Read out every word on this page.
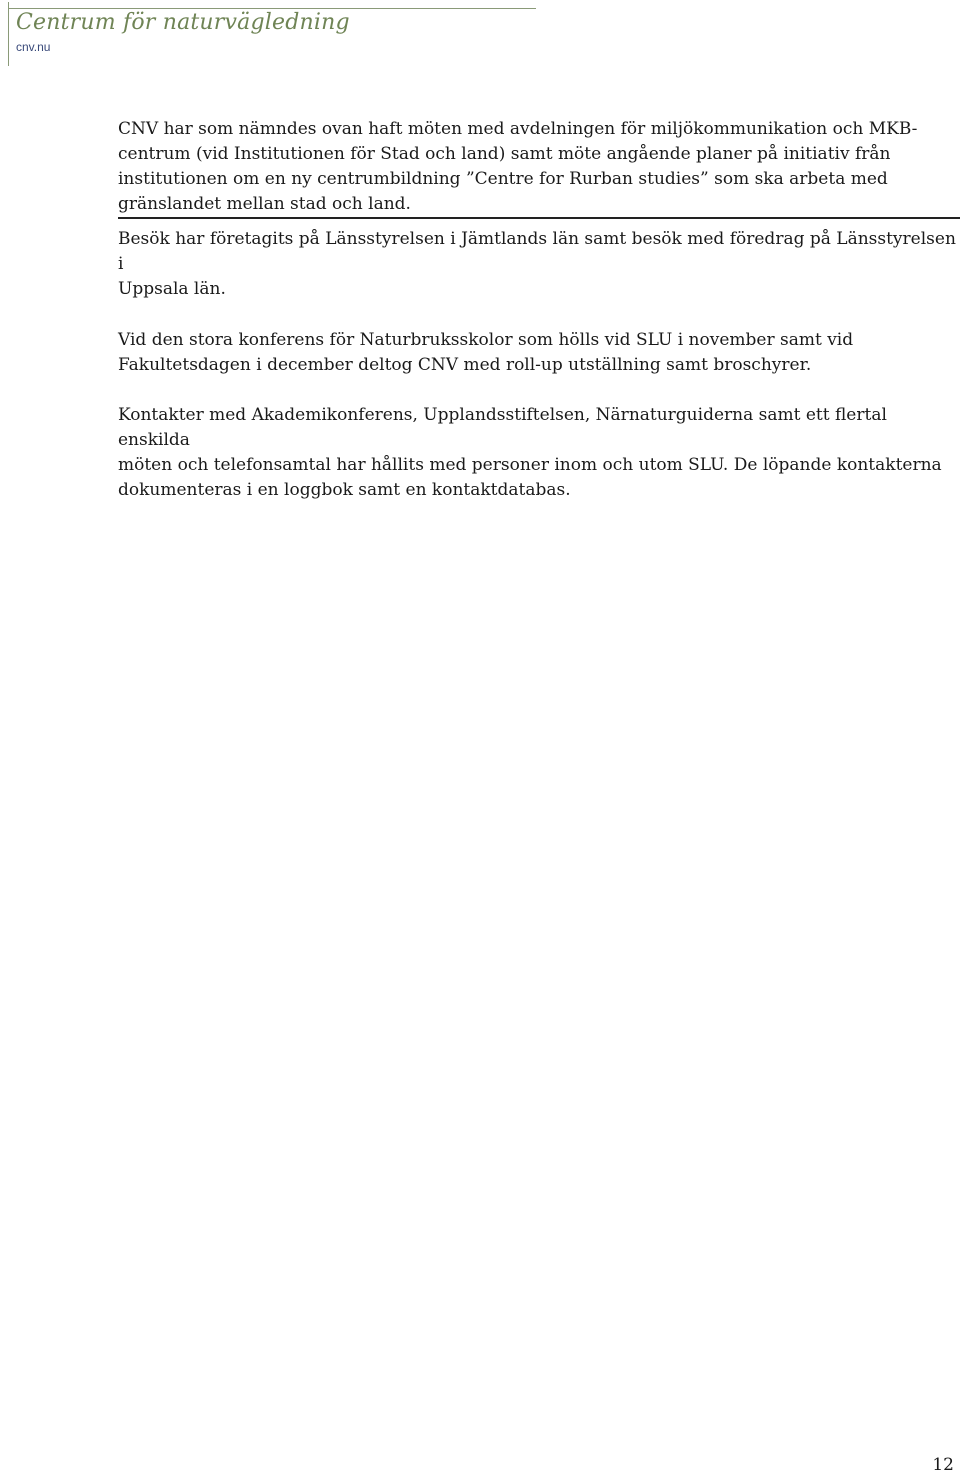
Centrum för naturvägledning
cnv.nu

CNV har som nämndes ovan haft möten med avdelningen för miljökommunikation och MKB-
centrum (vid Institutionen för Stad och land) samt möte angående planer på initiativ från
institutionen om en ny centrumbildning ”Centre for Rurban studies” som ska arbeta med
gränslandet mellan stad och land.

Besök har företagits på Länsstyrelsen i Jämtlands län samt besök med föredrag på Länsstyrelsen i
Uppsala län.

Vid den stora konferens för Naturbruksskolor som hölls vid SLU i november samt vid
Fakultetsdagen i december deltog CNV med roll-up utställning samt broschyrer.

Kontakter med Akademikonferens, Upplandsstiftelsen, Närnaturguiderna samt ett flertal enskilda
möten och telefonsamtal har hållits med personer inom och utom SLU. De löpande kontakterna
dokumenteras i en loggbok samt en kontaktdatabas.

12
